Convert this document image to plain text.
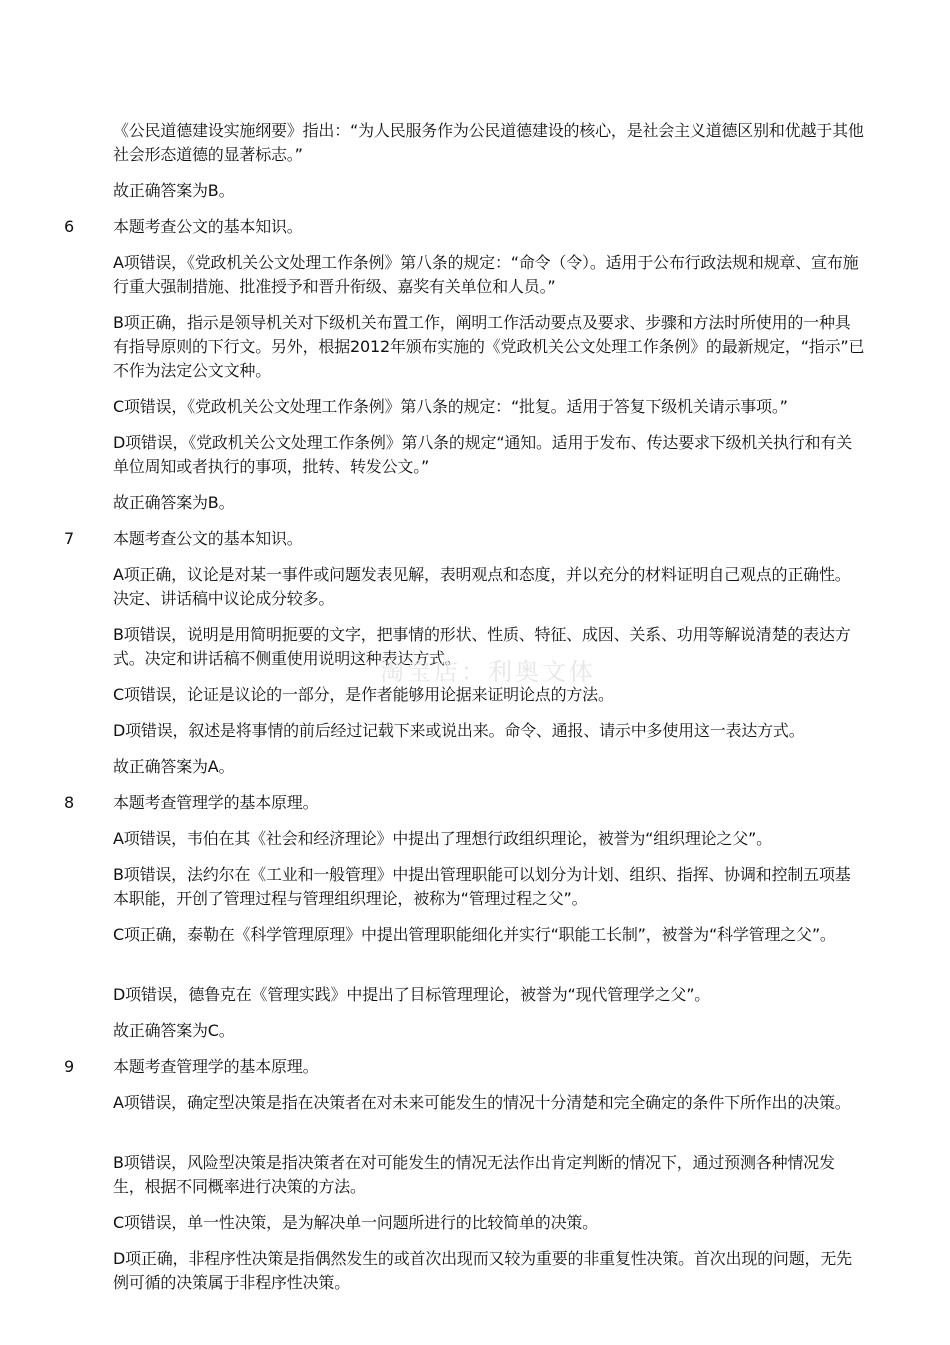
《公民道德建设实施纲要》指出：“为人民服务作为公民道德建设的核心，是社会主义道德区别和优越于其他社会形态道德的显著标志。”

故正确答案为B。

6 本题考查公文的基本知识。

A项错误，《党政机关公文处理工作条例》第八条的规定：“命令（令）。适用于公布行政法规和规章、宣布施行重大强制措施、批准授予和晋升衔级、嘉奖有关单位和人员。”

B项正确，指示是领导机关对下级机关布置工作，阐明工作活动要点及要求、步骤和方法时所使用的一种具有指导原则的下行文。另外，根据2012年颁布实施的《党政机关公文处理工作条例》的最新规定，“指示”已不作为法定公文文种。

C项错误，《党政机关公文处理工作条例》第八条的规定：“批复。适用于答复下级机关请示事项。”

D项错误，《党政机关公文处理工作条例》第八条的规定“通知。适用于发布、传达要求下级机关执行和有关单位周知或者执行的事项，批转、转发公文。”

故正确答案为B。

7 本题考查公文的基本知识。

A项正确，议论是对某一事件或问题发表见解，表明观点和态度，并以充分的材料证明自己观点的正确性。决定、讲话稿中议论成分较多。

B项错误，说明是用简明扼要的文字，把事情的形状、性质、特征、成因、关系、功用等解说清楚的表达方式。决定和讲话稿不侧重使用说明这种表达方式。

C项错误，论证是议论的一部分，是作者能够用论据来证明论点的方法。

D项错误，叙述是将事情的前后经过记载下来或说出来。命令、通报、请示中多使用这一表达方式。

故正确答案为A。

8 本题考查管理学的基本原理。

A项错误，韦伯在其《社会和经济理论》中提出了理想行政组织理论，被誉为“组织理论之父”。

B项错误，法约尔在《工业和一般管理》中提出管理职能可以划分为计划、组织、指挥、协调和控制五项基本职能，开创了管理过程与管理组织理论，被称为“管理过程之父”。

C项正确，泰勒在《科学管理原理》中提出管理职能细化并实行“职能工长制”，被誉为“科学管理之父”。

D项错误，德鲁克在《管理实践》中提出了目标管理理论，被誉为“现代管理学之父”。

故正确答案为C。

9 本题考查管理学的基本原理。

A项错误，确定型决策是指在决策者在对未来可能发生的情况十分清楚和完全确定的条件下所作出的决策。

B项错误，风险型决策是指决策者在对可能发生的情况无法作出肯定判断的情况下，通过预测各种情况发生，根据不同概率进行决策的方法。

C项错误，单一性决策，是为解决单一问题所进行的比较简单的决策。

D项正确，非程序性决策是指偶然发生的或首次出现而又较为重要的非重复性决策。首次出现的问题，无先例可循的决策属于非程序性决策。

淘宝店：利奥文体
